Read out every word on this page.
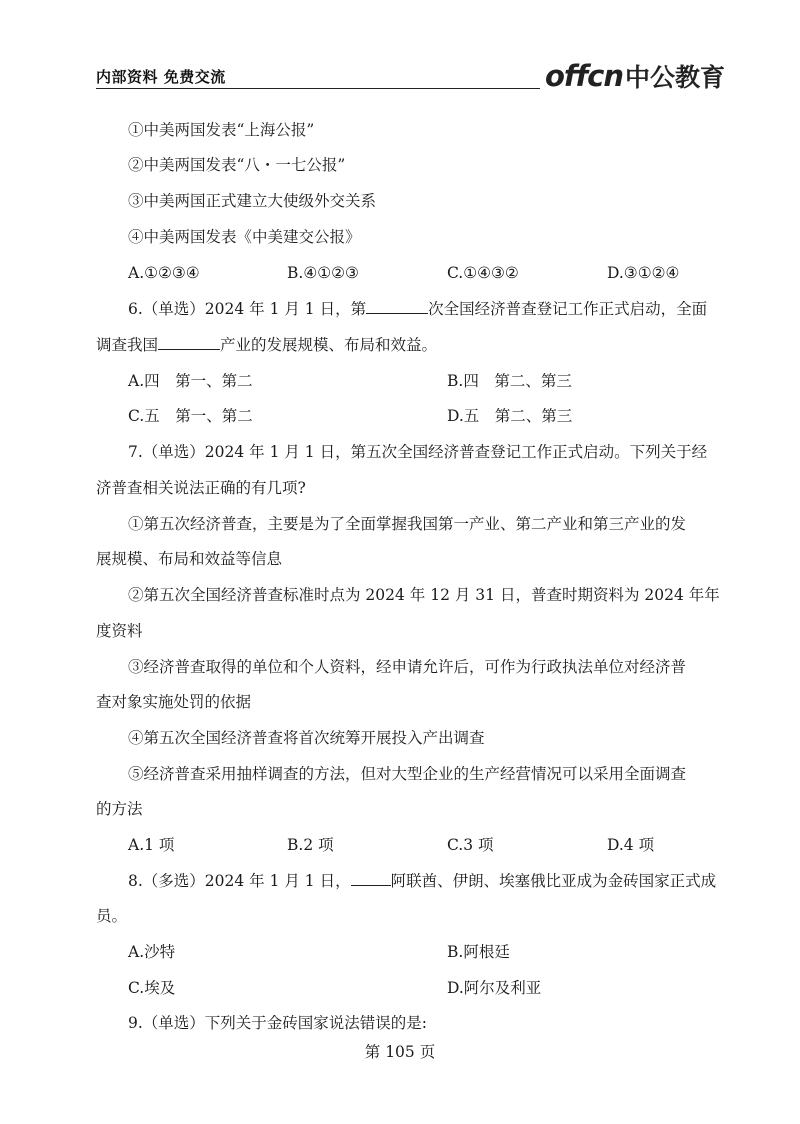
内部资料 免费交流	offcn 中公教育
①中美两国发表“上海公报”
②中美两国发表“八・一七公报”
③中美两国正式建立大使级外交关系
④中美两国发表《中美建交公报》
A.①②③④	B.④①②③	C.①④③②	D.③①②④
6.（单选）2024 年 1 月 1 日，第	次全国经济普查登记工作正式启动，全面
调查我国	产业的发展规模、布局和效益。
A.四　第一、第二	B.四　第二、第三
C.五　第一、第二	D.五　第二、第三
7.（单选）2024 年 1 月 1 日，第五次全国经济普查登记工作正式启动。下列关于经
济普查相关说法正确的有几项?
①第五次经济普查，主要是为了全面掌握我国第一产业、第二产业和第三产业的发
展规模、布局和效益等信息
②第五次全国经济普查标准时点为 2024 年 12 月 31 日，普查时期资料为 2024 年年
度资料
③经济普查取得的单位和个人资料，经申请允许后，可作为行政执法单位对经济普
查对象实施处罚的依据
④第五次全国经济普查将首次统筹开展投入产出调查
⑤经济普查采用抽样调查的方法，但对大型企业的生产经营情况可以采用全面调查
的方法
A.1 项	B.2 项	C.3 项	D.4 项
8.（多选）2024 年 1 月 1 日，	阿联酋、伊朗、埃塞俄比亚成为金砖国家正式成
员。
A.沙特	B.阿根廷
C.埃及	D.阿尔及利亚
9.（单选）下列关于金砖国家说法错误的是:
第 105 页
